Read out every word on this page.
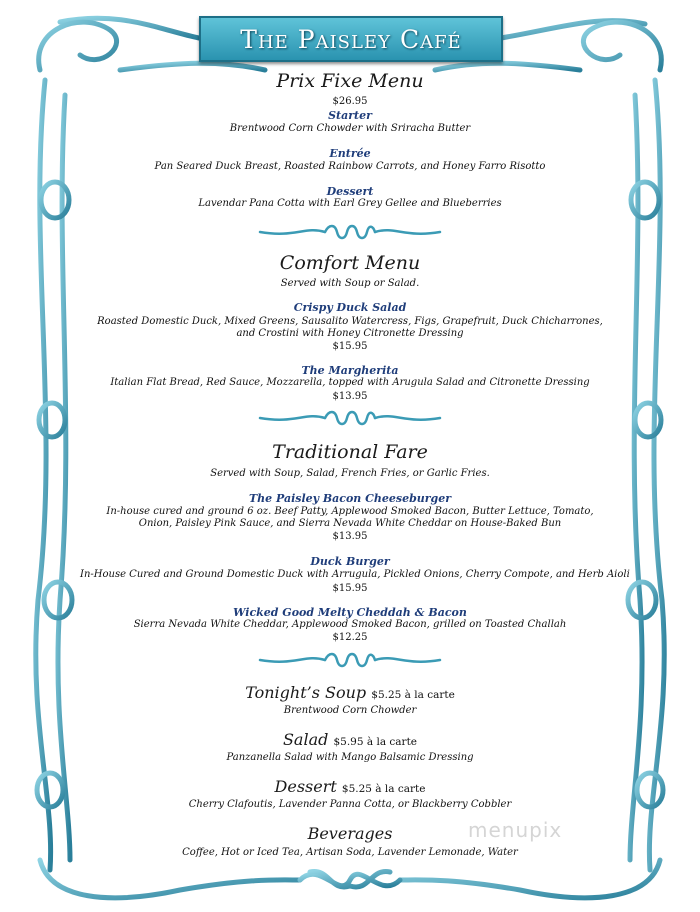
The Paisley Café
Prix Fixe Menu
$26.95
Starter
Brentwood Corn Chowder with Sriracha Butter
Entrée
Pan Seared Duck Breast, Roasted Rainbow Carrots, and Honey Farro Risotto
Dessert
Lavendar Pana Cotta with Earl Grey Gellee and Blueberries
Comfort Menu
Served with Soup or Salad.
Crispy Duck Salad
Roasted Domestic Duck, Mixed Greens, Sausalito Watercress, Figs, Grapefruit, Duck Chicharrones,
and Crostini with Honey Citronette Dressing
$15.95
The Margherita
Italian Flat Bread, Red Sauce, Mozzarella, topped with Arugula Salad and Citronette Dressing
$13.95
Traditional Fare
Served with Soup, Salad, French Fries, or Garlic Fries.
The Paisley Bacon Cheeseburger
In-house cured and ground 6 oz. Beef Patty, Applewood Smoked Bacon, Butter Lettuce, Tomato,
Onion, Paisley Pink Sauce, and Sierra Nevada White Cheddar on House-Baked Bun
$13.95
Duck Burger
In-House Cured and Ground Domestic Duck with Arrugula, Pickled Onions, Cherry Compote, and Herb Aioli
$15.95
Wicked Good Melty Cheddah & Bacon
Sierra Nevada White Cheddar, Applewood Smoked Bacon, grilled on Toasted Challah
$12.25
Tonight’s Soup $5.25 à la carte
Brentwood Corn Chowder
Salad $5.95 à la carte
Panzanella Salad with Mango Balsamic Dressing
Dessert $5.25 à la carte
Cherry Clafoutis, Lavender Panna Cotta, or Blackberry Cobbler
Beverages
Coffee, Hot or Iced Tea, Artisan Soda, Lavender Lemonade, Water
menupix
